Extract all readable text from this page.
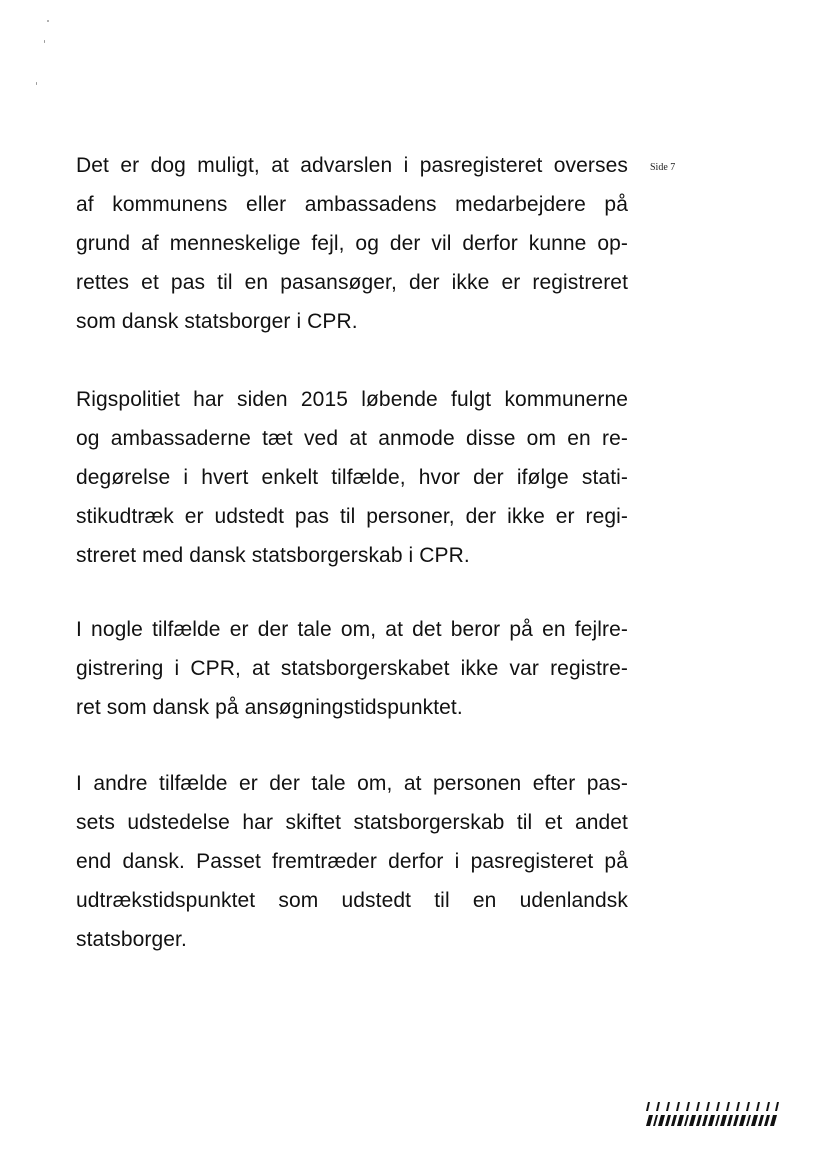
Side 7

Det er dog muligt, at advarslen i pasregisteret overses
af kommunens eller ambassadens medarbejdere på
grund af menneskelige fejl, og der vil derfor kunne op-
rettes et pas til en pasansøger, der ikke er registreret
som dansk statsborger i CPR.

Rigspolitiet har siden 2015 løbende fulgt kommunerne
og ambassaderne tæt ved at anmode disse om en re-
degørelse i hvert enkelt tilfælde, hvor der ifølge stati-
stikudtræk er udstedt pas til personer, der ikke er regi-
streret med dansk statsborgerskab i CPR.

I nogle tilfælde er der tale om, at det beror på en fejlre-
gistrering i CPR, at statsborgerskabet ikke var registre-
ret som dansk på ansøgningstidspunktet.

I andre tilfælde er der tale om, at personen efter pas-
sets udstedelse har skiftet statsborgerskab til et andet
end dansk. Passet fremtræder derfor i pasregisteret på
udtrækstidspunktet som udstedt til en udenlandsk
statsborger.
